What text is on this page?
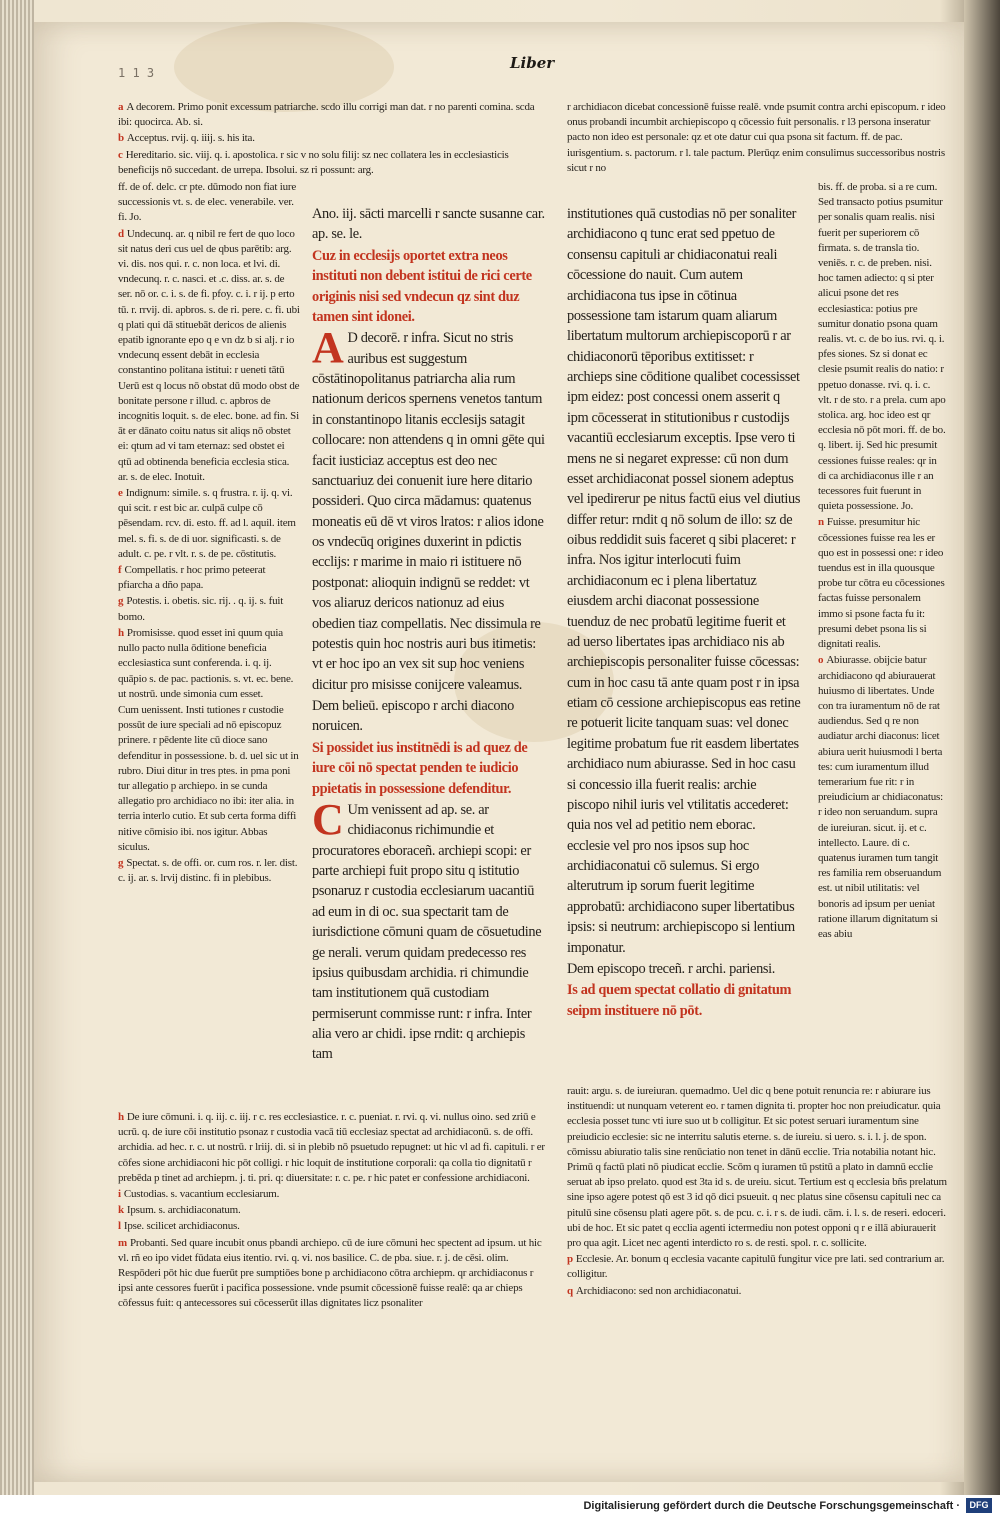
Liber
1 1 3

a A decorem. Primo ponit excessum patriarche. scdo illu corrigi man dat. r no parenti comina. scda ibi: quocirca. Ab. si.

b Acceptus. rvij. q. iiij. s. his ita.

c Hereditario. sic. viij. q. i. apostolica. r sic v no solu filij: sz nec collatera les in ecclesiasticis beneficijs nō succedant. de urrepa. Ibsolui. sz ri possunt: arg.

ff. de of. delc. cr pte. dūmodo non fiat iure successionis vt. s. de elec. venerabile. ver. fi. Jo.

d Undecunq. ar. q nibil re fert de quo loco sit natus deri cus uel de qbus parētib: arg. vi. dis. nos qui. r. c. non loca. et lvi. di. vndecunq. r. c. nasci. et .c. diss. ar. s. de ser. nō or. c. i. s. de fi. pfoy. c. i. r ij. p erto tū. r. rrvij. di. apbros. s. de ri. pere. c. fi. ubi q plati qui dā stituebāt dericos de alienis epatib ignorante epo q e vn dz b si alj. r io vndecunq essent debāt in ecclesia constantino politana istitui: r ueneti tātū Uerū est q locus nō obstat dū modo obst de bonitate persone r illud. c. apbros de incognitis loquit. s. de elec. bone. ad fin. Si āt er dānato coitu natus sit aliqs nō obstet ei: qtum ad vi tam eternaz: sed obstet ei qtū ad obtinenda beneficia ecclesia stica. ar. s. de elec. Inotuit.

e Indignum: simile. s. q frustra. r. ij. q. vi. qui scit. r est bic ar. culpā culpe cō pēsendam. rcv. di. esto. ff. ad l. aquil. item mel. s. fi. s. de di uor. significasti. s. de adult. c. pe. r vlt. r. s. de pe. cōstitutis.

f Compellatis. r hoc primo peteerat pfiarcha a dño papa.

g Potestis. i. obetis. sic. rij. . q. ij. s. fuit bomo.

h Promisisse. quod esset ini quum quia nullo pacto nulla ōditione beneficia ecclesiastica sunt conferenda. i. q. ij. quāpio s. de pac. pactionis. s. vt. ec. bene. ut nostrū. unde simonia cum esset.

Cum uenissent. Insti tutiones r custodie possūt de iure speciali ad nō episcopuz prinere. r pēdente lite cū dioce sano defenditur in possessione. b. d. uel sic ut in rubro. Diui ditur in tres ptes. in pma poni tur allegatio p archiepo. in se cunda allegatio pro archidiaco no ibi: iter alia. in terria interlo cutio. Et sub certa forma diffi nitive cōmisio ibi. nos igitur. Abbas siculus.

g Spectat. s. de offi. or. cum ros. r. ler. dist. c. ij. ar. s. lrvij distinc. fi in plebibus.

Ano. iij. sācti marcelli r sancte susanne car. ap. se. le.

Cuz in ecclesijs oportet extra neos instituti non debent istitui de rici certe originis nisi sed vndecun qz sint duz tamen sint idonei.

A D decorē. r infra. Sicut no stris auribus est suggestum cōstātinopolitanus patriarcha alia rum nationum dericos spernens venetos tantum in constantinopo litanis ecclesijs satagit collocare: non attendens q in omni gēte qui facit iusticiaz acceptus est deo nec sanctuariuz dei conuenit iure here ditario possideri. Quo circa mādamus: quatenus moneatis eū dē vt viros lratos: r alios idone os vndecūq origines duxerint in pdictis ecclijs: r marime in maio ri istituere nō postponat: alioquin indignū se reddet: vt vos aliaruz dericos nationuz ad eius obedien tiaz compellatis. Nec dissimula re potestis quin hoc nostris auri bus itimetis: vt er hoc ipo an vex sit sup hoc veniens dicitur pro misisse conijcere valeamus.

Dem belieū. episcopo r archi diacono noruicen.

Si possidet ius institnēdi is ad quez de iure cōi nō spectat penden te iudicio ppietatis in possessione defenditur.

C Um venissent ad ap. se. ar chidiaconus richimundie et procuratores eboraceñ. archiepi scopi: er parte archiepi fuit propo situ q istitutio psonaruz r custodia ecclesiarum uacantiū ad eum in di oc. sua spectarit tam de iurisdictione cōmuni quam de cōsuetudine ge nerali. verum quidam predecesso res ipsius quibusdam archidia. ri chimundie tam institutionem quā custodiam permiserunt commisse runt: r infra. Inter alia vero ar chidi. ipse rndit: q archiepis tam

institutiones quā custodias nō per sonaliter archidiacono q tunc erat sed ppetuo de consensu capituli ar chidiaconatui reali cōcessione do nauit. Cum autem archidiacona tus ipse in cōtinua possessione tam istarum quam aliarum libertatum multorum archiepiscoporū r ar chidiaconorū tēporibus extitisset: r archieps sine cōditione qualibet cocessisset ipm eidez: post concessi onem asserit q ipm cōcesserat in stitutionibus r custodijs vacantiū ecclesiarum exceptis. Ipse vero ti mens ne si negaret expresse: cū non dum esset archidiaconat possel sionem adeptus vel ipedirerur pe nitus factū eius vel diutius differ retur: rndit q nō solum de illo: sz de oibus reddidit suis faceret q sibi placeret: r infra. Nos igitur interlocuti fuim archidiaconum ec i plena libertatuz eiusdem archi diaconat possessione tuenduz de nec probatū legitime fuerit et ad uerso libertates ipas archidiaco nis ab archiepiscopis personaliter fuisse cōcessas: cum in hoc casu tā ante quam post r in ipsa etiam cō cessione archiepiscopus eas retine re potuerit licite tanquam suas: vel donec legitime probatum fue rit easdem libertates archidiaco num abiurasse. Sed in hoc casu si concessio illa fuerit realis: archie piscopo nihil iuris vel vtilitatis accederet: quia nos vel ad petitio nem eborac. ecclesie vel pro nos ipsos sup hoc archidiaconatui cō sulemus. Si ergo alterutrum ip sorum fuerit legitime approbatū: archidiacono super libertatibus ipsis: si neutrum: archiepiscopo si lentium imponatur.

Dem episcopo treceñ. r archi. pariensi.

Is ad quem spectat collatio di gnitatum seipm instituere nō pōt.

r archidiacon dicebat concessionē fuisse realē. vnde psumit contra archi episcopum. r ideo onus probandi incumbit archiepiscopo q cōcessio fuit personalis. r l3 persona inseratur pacto non ideo est personale: qz et ote datur cui qua psona sit factum. ff. de pac. iurisgentium. s. pactorum. r l. tale pactum. Plerūqz enim consulimus successoribus nostris sicut r no

bis. ff. de proba. si a re cum. Sed transacto potius psumitur per sonalis quam realis. nisi fuerit per superiorem cō firmata. s. de transla tio. veniēs. r. c. de preben. nisi. hoc tamen adiecto: q si pter alicui psone det res ecclesiastica: potius pre sumitur donatio psona quam realis. vt. c. de bo ius. rvi. q. i. pfes siones. Sz si donat ec clesie psumit realis do natio: r ppetuo donasse. rvi. q. i. c. vlt. r de sto. r a prela. cum apo stolica. arg. hoc ideo est qr ecclesia nō pōt mori. ff. de bo. q. libert. ij. Sed hic presumit cessiones fuisse reales: qr in di ca archidiaconus ille r an tecessores fuit fuerunt in quieta possessione. Jo.

n Fuisse. presumitur hic cōcessiones fuisse rea les er quo est in possessi one: r ideo tuendus est in illa quousque probe tur cōtra eu cōcessiones factas fuisse personalem immo si psone facta fu it: presumi debet psona lis si dignitati realis.

o Abiurasse. obijcie batur archidiacono qd abiurauerat huiusmo di libertates. Unde con tra iuramentum nō de rat audiendus. Sed q re non audiatur archi diaconus: licet abiura uerit huiusmodi l berta tes: cum iuramentum illud temerarium fue rit: r in preiudicium ar chidiaconatus: r ideo non seruandum. supra de iureiuran. sicut. ij. et c. intellecto. Laure. di c. quatenus iuramen tum tangit res familia rem obseruandum est. ut nibil utilitatis: vel bonoris ad ipsum per ueniat ratione illarum dignitatum si eas abiu

h De iure cōmuni. i. q. iij. c. iij. r c. res ecclesiastice. r. c. pueniat. r. rvi. q. vi. nullus oino. sed zriū e ucrū. q. de iure cōi institutio psonaz r custodia vacā tiū ecclesiaz spectat ad archidiaconū. s. de offi. archidia. ad hec. r. c. ut nostrū. r lriij. di. si in plebib nō psuetudo repugnet: ut hic vl ad fi. capituli. r er cōfes sione archidiaconi hic pōt colligi. r hic loquit de institutione corporali: qa colla tio dignitatū r prebēda p tinet ad archiepm. j. ti. pri. q: diuersitate: r. c. pe. r hic patet er confessione archidiaconi.

i Custodias. s. vacantium ecclesiarum.

k Ipsum. s. archidiaconatum.

l Ipse. scilicet archidiaconus.

m Probanti. Sed quare incubit onus pbandi archiepo. cū de iure cōmuni hec spectent ad ipsum. ut hic vl. rñ eo ipo videt fūdata eius itentio. rvi. q. vi. nos basilice. C. de pba. siue. r. j. de cēsi. olim. Respōderi pōt hic due fuerūt pre sumptiōes bone p archidiacono cōtra archiepm. qr archidiaconus r ipsi ante cessores fuerūt i pacifica possessione. vnde psumit cōcessionē fuisse realē: qa ar chieps cōfessus fuit: q antecessores sui cōcesserūt illas dignitates licz psonaliter

rauit: argu. s. de iureiuran. quemadmo. Uel dic q bene potuit renuncia re: r abiurare ius instituendi: ut nunquam veterent eo. r tamen dignita ti. propter hoc non preiudicatur. quia ecclesia posset tunc vti iure suo ut b colligitur. Et sic potest seruari iuramentum sine preiudicio ecclesie: sic ne interritu salutis eterne. s. de iureiu. si uero. s. i. l. j. de spon. cōmissu abiuratio talis sine renūciatio non tenet in dānū ecclie. Tria notabilia notant hic. Primū q factū plati nō piudicat ecclie. Scōm q iuramen tū pstitū a plato in damnū ecclie seruat ab ipso prelato. quod est 3ta id s. de ureiu. sicut. Tertium est q ecclesia bñs prelatum sine ipso agere potest qō est 3 id qō dici psueuit. q nec platus sine cōsensu capituli nec ca pitulū sine cōsensu plati agere pōt. s. de pcu. c. i. r s. de iudi. cām. i. l. s. de reseri. edoceri. ubi de hoc. Et sic patet q ecclia agenti ictermediu non potest opponi q r e illā abiurauerit pro qua agit. Licet nec agenti interdicto ro s. de resti. spol. r. c. sollicite.

p Ecclesie. Ar. bonum q ecclesia vacante capitulū fungitur vice pre lati. sed contrarium ar. colligitur.

q Archidiacono: sed non archidiaconatui.

Digitalisierung gefördert durch die Deutsche Forschungsgemeinschaft ·	DFG
